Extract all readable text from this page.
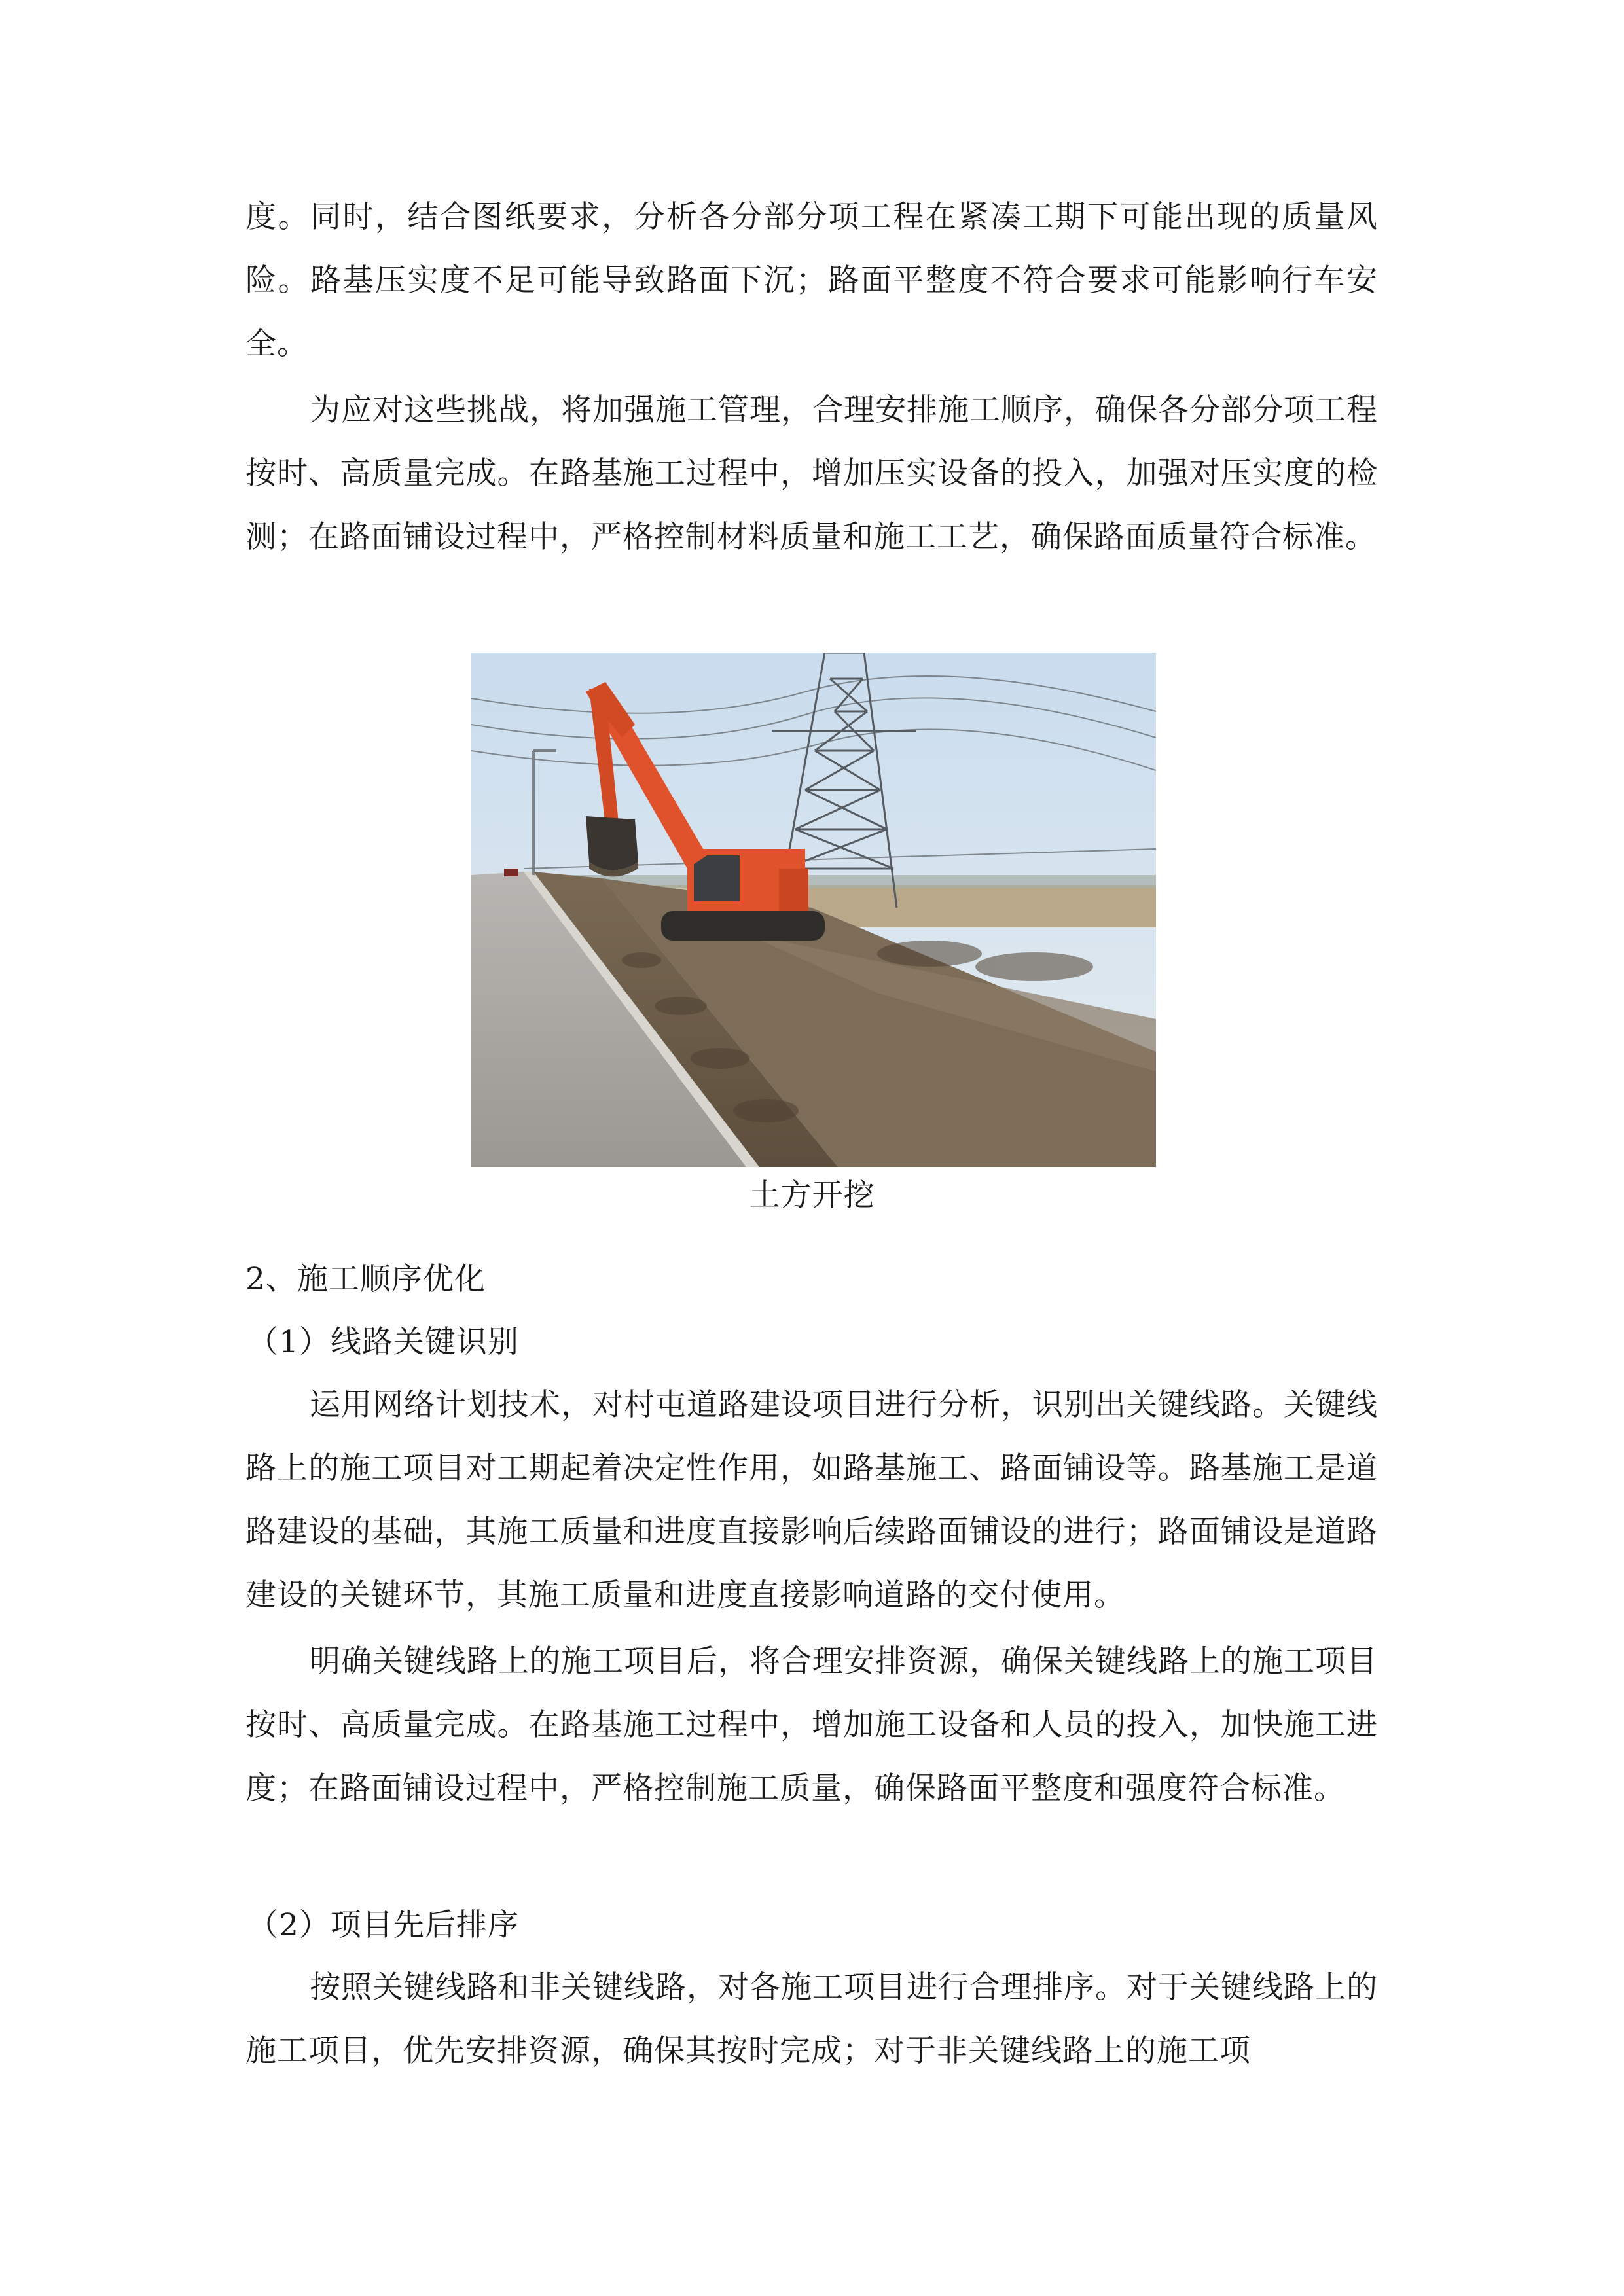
度。同时，结合图纸要求，分析各分部分项工程在紧凑工期下可能出现的质量风险。路基压实度不足可能导致路面下沉；路面平整度不符合要求可能影响行车安全。

为应对这些挑战，将加强施工管理，合理安排施工顺序，确保各分部分项工程按时、高质量完成。在路基施工过程中，增加压实设备的投入，加强对压实度的检测；在路面铺设过程中，严格控制材料质量和施工工艺，确保路面质量符合标准。

土方开挖

2、施工顺序优化

（1）线路关键识别

运用网络计划技术，对村屯道路建设项目进行分析，识别出关键线路。关键线路上的施工项目对工期起着决定性作用，如路基施工、路面铺设等。路基施工是道路建设的基础，其施工质量和进度直接影响后续路面铺设的进行；路面铺设是道路建设的关键环节，其施工质量和进度直接影响道路的交付使用。

明确关键线路上的施工项目后，将合理安排资源，确保关键线路上的施工项目按时、高质量完成。在路基施工过程中，增加施工设备和人员的投入，加快施工进度；在路面铺设过程中，严格控制施工质量，确保路面平整度和强度符合标准。

（2）项目先后排序

按照关键线路和非关键线路，对各施工项目进行合理排序。对于关键线路上的施工项目，优先安排资源，确保其按时完成；对于非关键线路上的施工项
